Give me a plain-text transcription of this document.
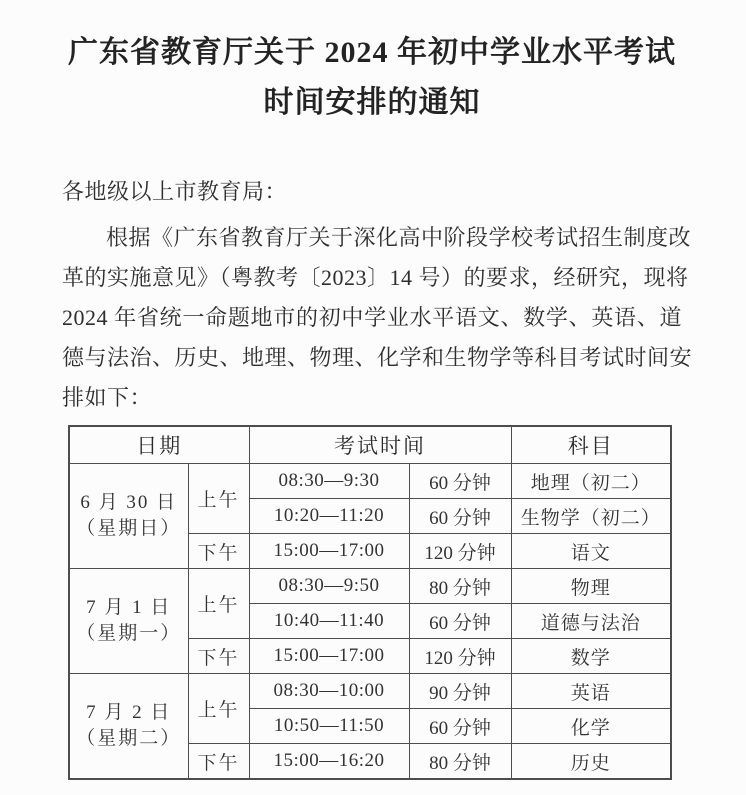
广东省教育厅关于 2024 年初中学业水平考试
时间安排的通知
各地级以上市教育局：
根据《广东省教育厅关于深化高中阶段学校考试招生制度改
革的实施意见》（粤教考〔2023〕14 号）的要求，经研究，现将
2024 年省统一命题地市的初中学业水平语文、数学、英语、道
德与法治、历史、地理、物理、化学和生物学等科目考试时间安
排如下：
日期		考试时间		科目

6 月 30 日
（星期日）	上午	08:30—9:30	60 分钟	地理（初二）
		10:20—11:20	60 分钟	生物学（初二）
	下午	15:00—17:00	120 分钟	语文

7 月 1 日
（星期一）	上午	08:30—9:50	80 分钟	物理
		10:40—11:40	60 分钟	道德与法治
	下午	15:00—17:00	120 分钟	数学

7 月 2 日
（星期二）	上午	08:30—10:00	90 分钟	英语
		10:50—11:50	60 分钟	化学
	下午	15:00—16:20	80 分钟	历史
